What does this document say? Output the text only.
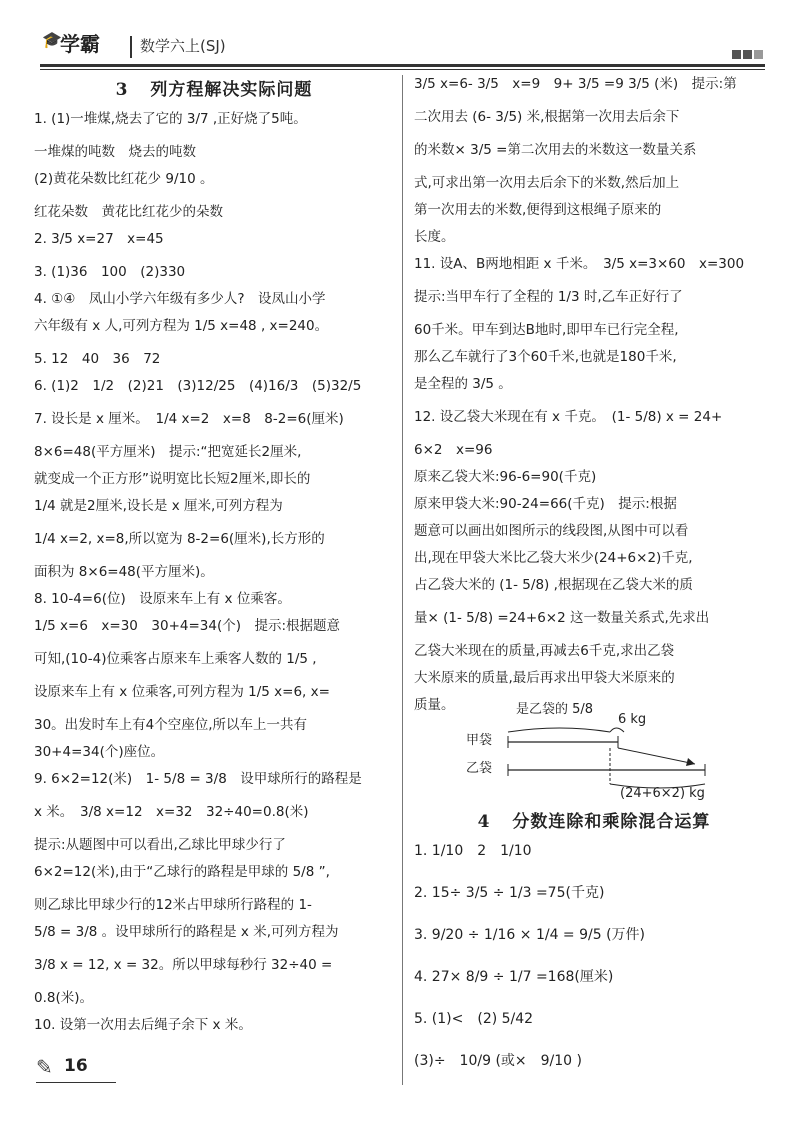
🎓
学霸	数学六上(SJ)
3 列方程解决实际问题
1. (1)一堆煤,烧去了它的 3/7 ,正好烧了5吨。
一堆煤的吨数　烧去的吨数
(2)黄花朵数比红花少 9/10 。
红花朵数　黄花比红花少的朵数
2. 3/5 x=27　x=45
3. (1)36　100　(2)330
4. ①④　凤山小学六年级有多少人?　设凤山小学
六年级有 x 人,可列方程为 1/5 x=48 , x=240。
5. 12　40　36　72
6. (1)2　1/2　(2)21　(3)12/25　(4)16/3　(5)32/5
7. 设长是 x 厘米。　1/4 x=2　x=8　8-2=6(厘米)
8×6=48(平方厘米)　提示:“把宽延长2厘米,
就变成一个正方形”说明宽比长短2厘米,即长的
1/4 就是2厘米,设长是 x 厘米,可列方程为
1/4 x=2, x=8,所以宽为 8-2=6(厘米),长方形的
面积为 8×6=48(平方厘米)。
8. 10-4=6(位)　设原来车上有 x 位乘客。
1/5 x=6　x=30　30+4=34(个)　提示:根据题意
可知,(10-4)位乘客占原来车上乘客人数的 1/5 ,
设原来车上有 x 位乘客,可列方程为 1/5 x=6, x=
30。出发时车上有4个空座位,所以车上一共有
30+4=34(个)座位。
9. 6×2=12(米)　1- 5/8 = 3/8　设甲球所行的路程是
x 米。　3/8 x=12　x=32　32÷40=0.8(米)
提示:从题图中可以看出,乙球比甲球少行了
6×2=12(米),由于“乙球行的路程是甲球的 5/8 ”,
则乙球比甲球少行的12米占甲球所行路程的 1-
5/8 = 3/8 。设甲球所行的路程是 x 米,可列方程为
3/8 x = 12, x = 32。所以甲球每秒行 32÷40 =
0.8(米)。
10. 设第一次用去后绳子余下 x 米。
3/5 x=6- 3/5　x=9　9+ 3/5 =9 3/5 (米)　提示:第
二次用去 (6- 3/5) 米,根据第一次用去后余下
的米数× 3/5 =第二次用去的米数这一数量关系
式,可求出第一次用去后余下的米数,然后加上
第一次用去的米数,便得到这根绳子原来的
长度。
11. 设A、B两地相距 x 千米。　3/5 x=3×60　x=300
提示:当甲车行了全程的 1/3 时,乙车正好行了
60千米。甲车到达B地时,即甲车已行完全程,
那么乙车就行了3个60千米,也就是180千米,
是全程的 3/5 。
12. 设乙袋大米现在有 x 千克。　(1- 5/8) x = 24+
6×2　x=96
原来乙袋大米:96-6=90(千克)
原来甲袋大米:90-24=66(千克)　提示:根据
题意可以画出如图所示的线段图,从图中可以看
出,现在甲袋大米比乙袋大米少(24+6×2)千克,
占乙袋大米的 (1- 5/8) ,根据现在乙袋大米的质
量× (1- 5/8) =24+6×2 这一数量关系式,先求出
乙袋大米现在的质量,再减去6千克,求出乙袋
大米原来的质量,最后再求出甲袋大米原来的
质量。	是乙袋的 5/8
6 kg
甲袋
乙袋
(24+6×2) kg
4 分数连除和乘除混合运算
1. 1/10　2　1/10
2. 15÷ 3/5 ÷ 1/3 =75(千克)
3. 9/20 ÷ 1/16 × 1/4 = 9/5 (万件)
4. 27× 8/9 ÷ 1/7 =168(厘米)
5. (1)<　(2) 5/42
(3)÷　10/9 (或×　9/10 )
✎ 16
